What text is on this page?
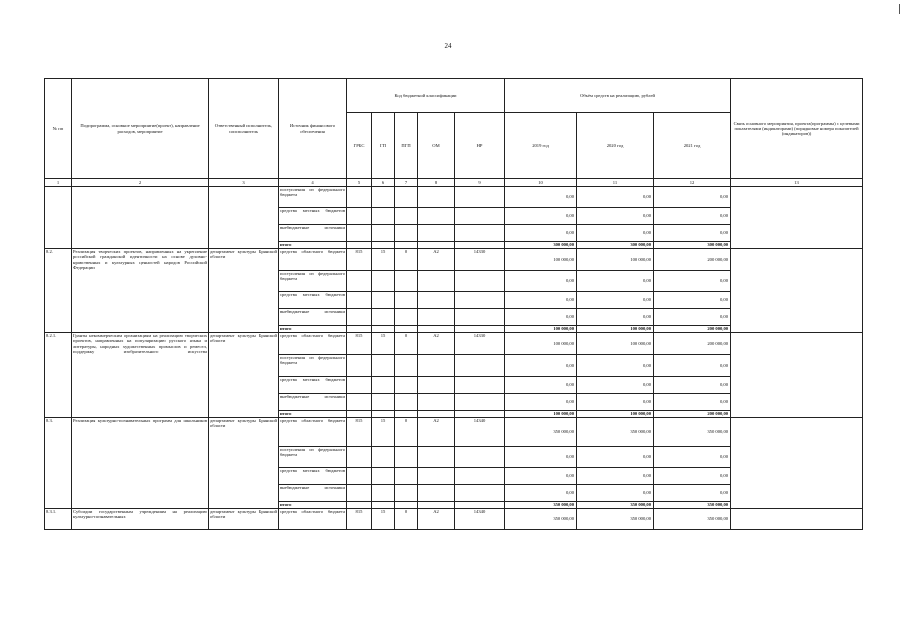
24
№ пп	Подпрограмма, основное мероприятие(проект), направление расходов, мероприятие	Ответственный исполнитель, соисполнитель	Источник финансового обеспечения	Код бюджетной классификации					Объём средств на реализацию, рублей			Связь основного мероприятия, проекта(программы) с целевыми показателями (индикаторами) (порядковые номера показателей (индикаторов))
				ГРБС	ГП	ПГП	ОМ	НР	2019 год	2020 год	2021 год	
1	2	3	4	5	6	7	8	9	10	11	12	13
			поступления из федерального бюджета						0,00	0,00	0,00	
			средства местных бюджетов						0,00	0,00	0,00	
			внебюджетные источники						0,00	0,00	0,00	
			итого						300 000,00	300 000,00	300 000,00	
8.2.	Реализация творческих проектов, направленных на укрепление российской гражданской идентичности на основе духовно-нравственных и культурных ценностей народов Российской Федерации	департамент культуры Брянской области	средства областного бюджета	815	15	0	А2	14330	100 000,00	100 000,00	200 000,00	
			поступления из федерального бюджета						0,00	0,00	0,00	
			средства местных бюджетов						0,00	0,00	0,00	
			внебюджетные источники						0,00	0,00	0,00	
			итого						100 000,00	100 000,00	200 000,00	
8.2.1.	Гранты некоммерческим организациям на реализацию творческих проектов, направленных на популяризацию русского языка и литературы, народных художественных промыслов и ремесел, поддержку изобразительного искусства	департамент культуры Брянской области	средства областного бюджета	815	15	0	А2	14330	100 000,00	100 000,00	200 000,00	
			поступления из федерального бюджета						0,00	0,00	0,00	
			средства местных бюджетов						0,00	0,00	0,00	
			внебюджетные источники						0,00	0,00	0,00	
			итого						100 000,00	100 000,00	200 000,00	
8.3.	Реализация культурно-познавательных программ для школьников	департамент культуры Брянской области	средства областного бюджета	815	15	0	А2	14340	350 000,00	350 000,00	350 000,00	
			поступления из федерального бюджета						0,00	0,00	0,00	
			средства местных бюджетов						0,00	0,00	0,00	
			внебюджетные источники						0,00	0,00	0,00	
			итого						350 000,00	350 000,00	350 000,00	
8.3.1.	Субсидии государственным учреждениям на реализацию культурно-познавательных	департамент культуры Брянской области	средства областного бюджета	815	15	0	А2	14340	350 000,00	350 000,00	350 000,00	
